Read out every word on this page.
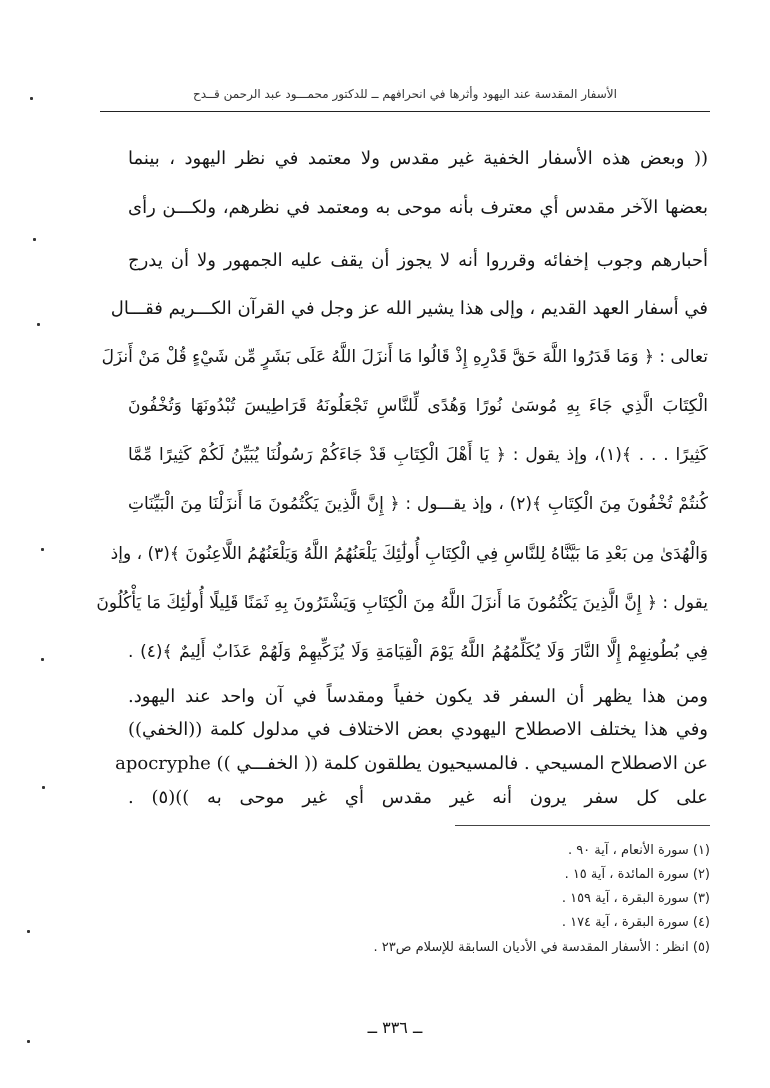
الأسفار المقدسة عند اليهود وأثرها في انحرافهم ــ للدكتور محمـــود عبد الرحمن قــدح
(( وبعض هذه الأسفار الخفية غير مقدس ولا معتمد في نظر اليهود ، بينما
بعضها الآخر مقدس أي معترف بأنه موحى به ومعتمد في نظرهم، ولكـــن رأى
أحبارهم وجوب إخفائه وقرروا أنه لا يجوز أن يقف عليه الجمهور ولا أن يدرج
في أسفار العهد القديم ، وإلى هذا يشير الله عز وجل في القرآن الكـــريم فقـــال
تعالى : ﴿ وَمَا قَدَرُوا اللَّهَ حَقَّ قَدْرِهِ إِذْ قَالُوا مَا أَنزَلَ اللَّهُ عَلَى بَشَرٍ مِّن شَيْءٍ قُلْ مَنْ أَنزَلَ
الْكِتَابَ الَّذِي جَاءَ بِهِ مُوسَىٰ نُورًا وَهُدًى لِّلنَّاسِ تَجْعَلُونَهُ قَرَاطِيسَ تُبْدُونَهَا وَتُخْفُونَ
كَثِيرًا . . . ﴾(١)، وإذ يقول : ﴿ يَا أَهْلَ الْكِتَابِ قَدْ جَاءَكُمْ رَسُولُنَا يُبَيِّنُ لَكُمْ كَثِيرًا مِّمَّا
كُنتُمْ تُخْفُونَ مِنَ الْكِتَابِ ﴾(٢) ، وإذ يقـــول : ﴿ إِنَّ الَّذِينَ يَكْتُمُونَ مَا أَنزَلْنَا مِنَ الْبَيِّنَاتِ
وَالْهُدَىٰ مِن بَعْدِ مَا بَيَّنَّاهُ لِلنَّاسِ فِي الْكِتَابِ أُولَٰئِكَ يَلْعَنُهُمُ اللَّهُ وَيَلْعَنُهُمُ اللَّاعِنُونَ ﴾(٣) ، وإذ
يقول : ﴿ إِنَّ الَّذِينَ يَكْتُمُونَ مَا أَنزَلَ اللَّهُ مِنَ الْكِتَابِ وَيَشْتَرُونَ بِهِ ثَمَنًا قَلِيلًا أُولَٰئِكَ مَا يَأْكُلُونَ
فِي بُطُونِهِمْ إِلَّا النَّارَ وَلَا يُكَلِّمُهُمُ اللَّهُ يَوْمَ الْقِيَامَةِ وَلَا يُزَكِّيهِمْ وَلَهُمْ عَذَابٌ أَلِيمٌ ﴾(٤) .
ومن هذا يظهر أن السفر قد يكون خفياً ومقدساً في آن واحد عند اليهود.
وفي هذا يختلف الاصطلاح اليهودي بعض الاختلاف في مدلول كلمة ((الخفي))
عن الاصطلاح المسيحي . فالمسيحيون يطلقون كلمة (( الخفـــي )) apocryphe
على كل سفر يرون أنه غير مقدس أي غير موحى به ))(٥) .
(١) سورة الأنعام ، آية ٩٠ .
(٢) سورة المائدة ، آية ١٥ .
(٣) سورة البقرة ، آية ١٥٩ .
(٤) سورة البقرة ، آية ١٧٤ .
(٥) انظر : الأسفار المقدسة في الأديان السابقة للإسلام ص٢٣ .
ــ ٣٣٦ ــ
